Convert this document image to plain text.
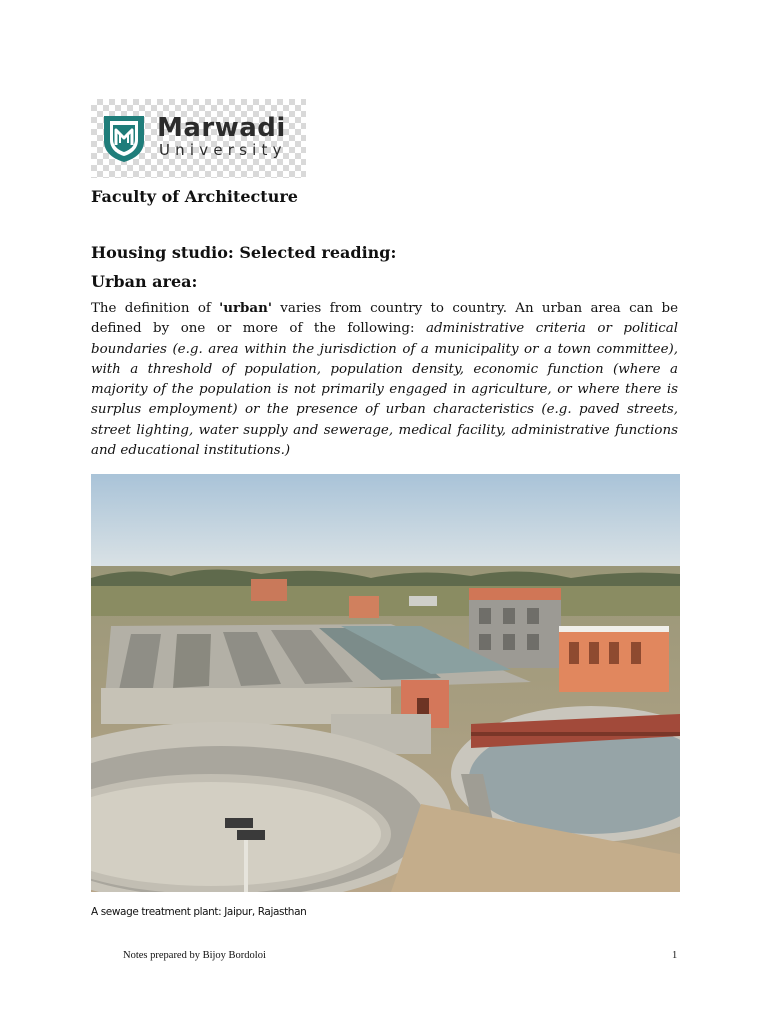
Marwadi
University
Faculty of Architecture
Housing studio: Selected reading:
Urban area:
The definition of 'urban' varies from country to country. An urban area can be defined by one or more of the following: administrative criteria or political boundaries (e.g. area within the jurisdiction of a municipality or a town committee), with a threshold of population, population density, economic function (where a majority of the population is not primarily engaged in agriculture, or where there is surplus employment) or the presence of urban characteristics (e.g. paved streets, street lighting, water supply and sewerage, medical facility, administrative functions and educational institutions.)
A sewage treatment plant: Jaipur, Rajasthan
Notes prepared by Bijoy Bordoloi	1
